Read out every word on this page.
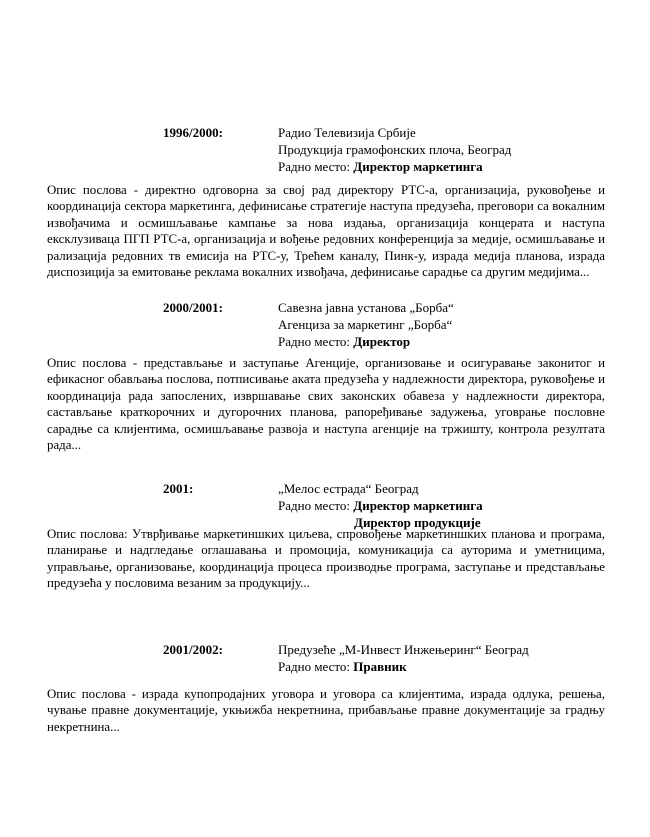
1996/2000:	Радио Телевизија Србије
Продукција грамофонских плоча, Београд
Радно место: Директор маркетинга
Опис послова - директно одговорна за свој рад директору РТС-а, организација, руковођење и координација сектора маркетинга, дефинисање стратегије наступа предузећа, преговори са вокалним извођачима и осмишљавање кампање за нова издања, организација концерата и наступа ексклузиваца ПГП РТС-а, организација и вођење редовних конференција за медије, осмишљавање и рализација редовних тв емисија на РТС-у, Трећем каналу, Пинк-у, израда медија планова, израда диспозиција за емитовање реклама вокалних извођача, дефинисање сарадње са другим медијима...
2000/2001:	Савезна јавна установа „Борба“
Агенциза за маркетинг „Борба“
Радно место: Директор
Опис послова - представљање и заступање Агенције, организовање и осигуравање законитог и ефикасног обављања послова, потписивање аката предузећа у надлежности директора, руковођење и координација рада запослених, извршавање свих законских обавеза у надлежности директора, састављање краткорочних и дугорочних планова, рапоређивање задужења, уговрање пословне сарадње са клијентима, осмишљавање развоја и наступа агенције на тржишту, контрола резултата рада...
2001:	„Мелос естрада“ Београд
Радно место: Директор маркетинга
Директор продукције
Опис послова: Утврђивање маркетиншких циљева, спровођење маркетиншких планова и програма, планирање и надгледање оглашавања и промоција, комуникација са ауторима и уметницима, управљање, организовање, координација процеса производње програма, заступање и представљање предузећа у пословима везаним за продукцију...
2001/2002:	Предузеће „М-Инвест Инжењеринг“ Београд
Радно место: Правник
Опис послова - израда купопродајних уговора и уговора са клијентима, израда одлука, решења, чување правне документације, укњижба некретнина, прибављање правне документације за градњу некретнина...
